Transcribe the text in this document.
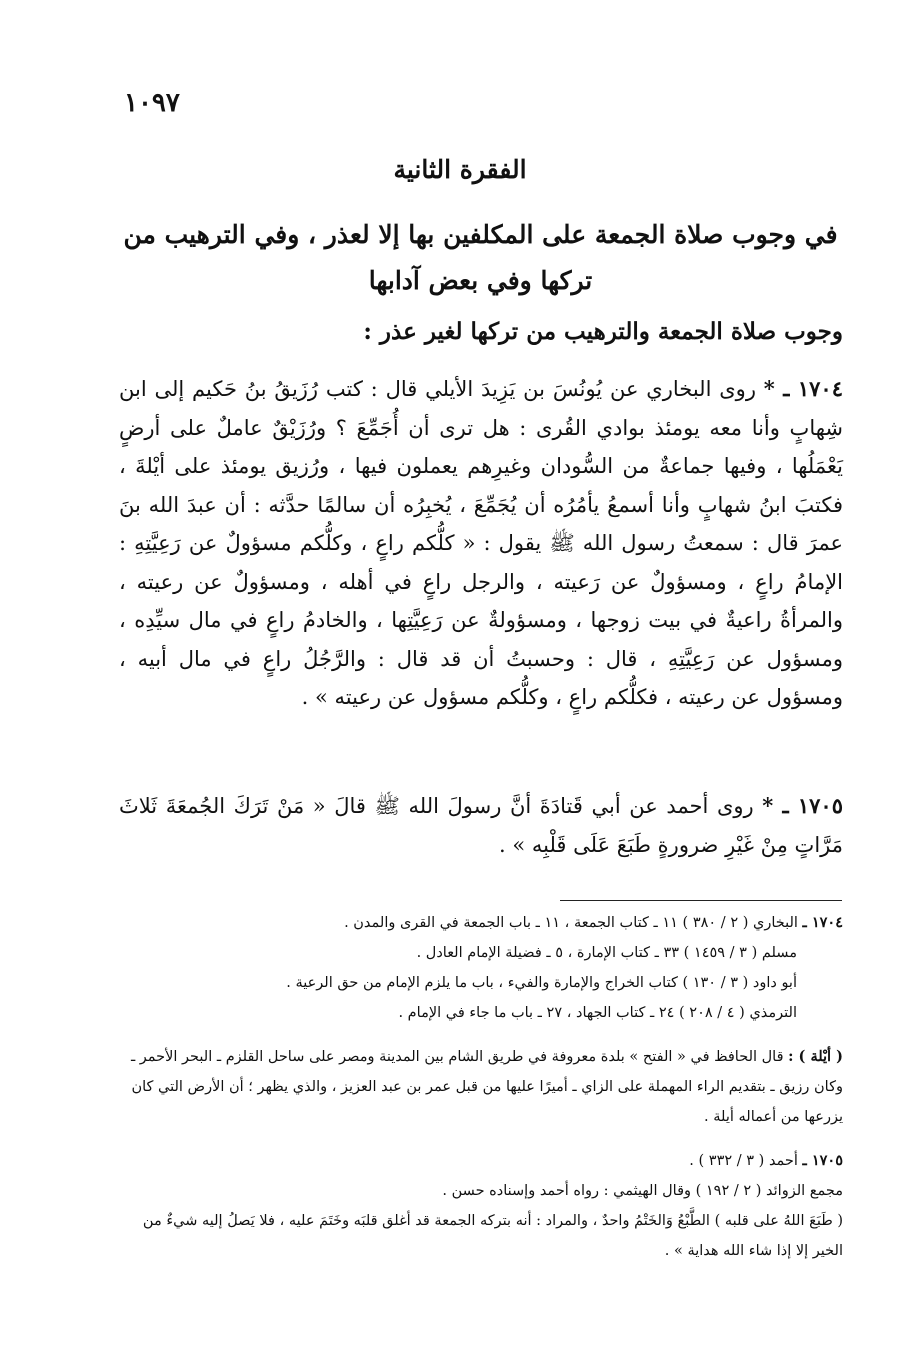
١٠٩٧
الفقرة الثانية
في وجوب صلاة الجمعة على المكلفين بها إلا لعذر ، وفي الترهيب من تركها وفي بعض آدابها
وجوب صلاة الجمعة والترهيب من تركها لغير عذر :
١٧٠٤ ـ * روى البخاري عن يُونُسَ بن يَزِيدَ الأيلي قال : كتب رُزَيقُ بنُ حَكيم إلى ابن شِهابٍ وأنا معه يومئذ بوادي القُرى : هل ترى أن أُجَمِّعَ ؟ ورُزَيْقٌ عاملٌ على أرضٍ يَعْمَلُها ، وفيها جماعةٌ من السُّودان وغيرِهم يعملون فيها ، ورُزيق يومئذ على أيْلةَ ، فكتبَ ابنُ شهابٍ وأنا أسمعُ يأمُرُه أن يُجَمِّعَ ، يُخبِرُه أن سالمًا حدَّثه : أن عبدَ الله بنَ عمرَ قال : سمعتُ رسول الله ﷺ يقول : « كلُّكم راعٍ ، وكلُّكم مسؤولٌ عن رَعِيَّتِهِ : الإمامُ راعٍ ، ومسؤولٌ عن رَعيته ، والرجل راعٍ في أهله ، ومسؤولٌ عن رعيته ، والمرأةُ راعيةٌ في بيت زوجها ، ومسؤولةٌ عن رَعِيَّتِها ، والخادمُ راعٍ في مال سيِّدِه ، ومسؤول عن رَعِيَّتِهِ ، قال : وحسبتُ أن قد قال : والرَّجُلُ راعٍ في مال أبيه ، ومسؤول عن رعيته ، فكلُّكم راعٍ ، وكلُّكم مسؤول عن رعيته » .
١٧٠٥ ـ * روى أحمد عن أبي قَتادَةَ أنَّ رسولَ الله ﷺ قالَ « مَنْ تَرَكَ الجُمعَةَ ثَلاثَ مَرَّاتٍ مِنْ غَيْرِ ضرورةٍ طَبَعَ عَلَى قَلْبِه » .
١٧٠٤ ـ البخاري ( ٢ / ٣٨٠ ) ١١ ـ كتاب الجمعة ، ١١ ـ باب الجمعة في القرى والمدن .
مسلم ( ٣ / ١٤٥٩ ) ٣٣ ـ كتاب الإمارة ، ٥ ـ فضيلة الإمام العادل .
أبو داود ( ٣ / ١٣٠ ) كتاب الخراج والإمارة والفيء ، باب ما يلزم الإمام من حق الرعية .
الترمذي ( ٤ / ٢٠٨ ) ٢٤ ـ كتاب الجهاد ، ٢٧ ـ باب ما جاء في الإمام .
( أيْلة ) : قال الحافظ في « الفتح » بلدة معروفة في طريق الشام بين المدينة ومصر على ساحل القلزم ـ البحر الأحمر ـ وكان رزيق ـ بتقديم الراء المهملة على الزاي ـ أميرًا عليها من قبل عمر بن عبد العزيز ، والذي يظهر ؛ أن الأرض التي كان يزرعها من أعماله أيلة .
١٧٠٥ ـ أحمد ( ٣ / ٣٣٢ ) .
مجمع الزوائد ( ٢ / ١٩٢ ) وقال الهيثمي : رواه أحمد وإسناده حسن .
( طَبَعَ اللهُ على قلبه ) الطَّبْعُ وَالخَتْمُ واحدٌ ، والمراد : أنه بتركه الجمعة قد أغلق قلبَه وخَتَمَ عليه ، فلا يَصلُ إليه شيءٌ من الخير إلا إذا شاء الله هداية » .
